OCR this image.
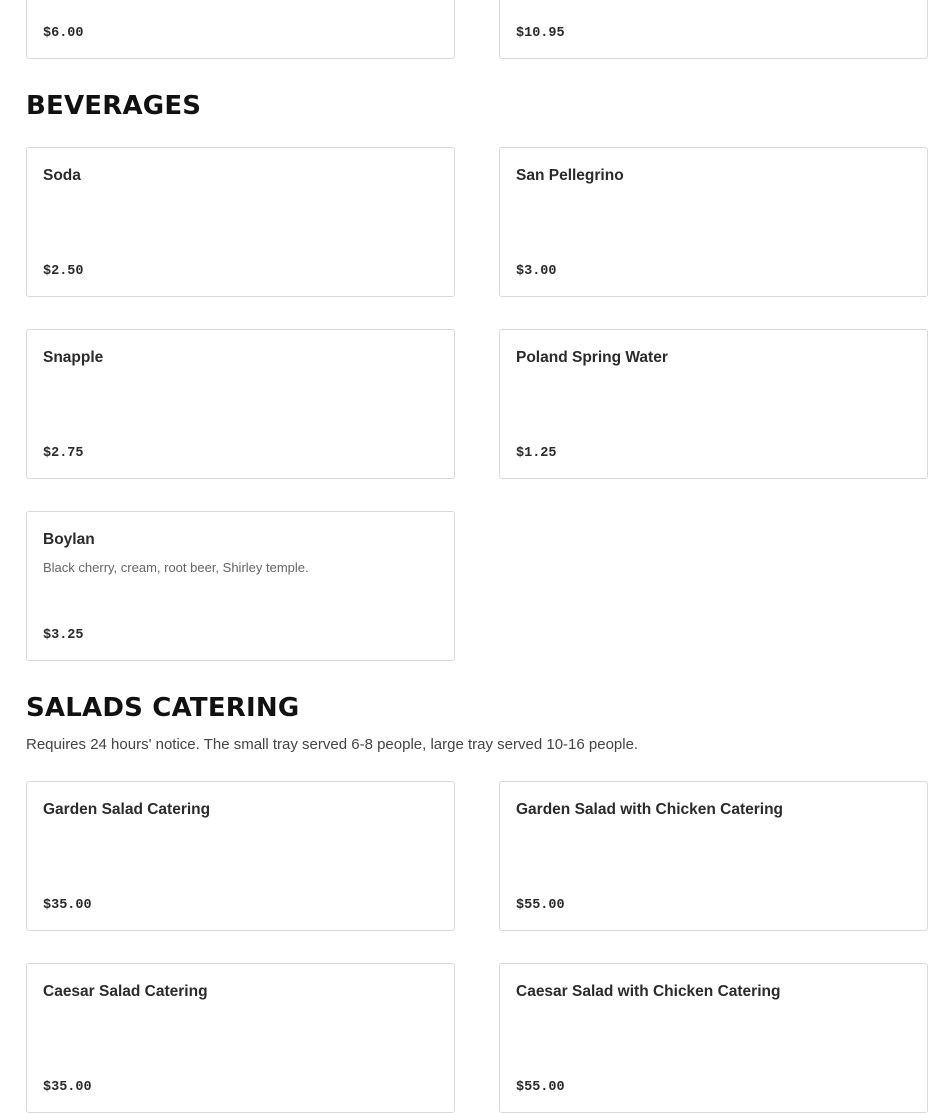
$6.00	$10.95
BEVERAGES
Soda
$2.50
San Pellegrino
$3.00
Snapple
$2.75
Poland Spring Water
$1.25
Boylan
Black cherry, cream, root beer, Shirley temple.
$3.25
SALADS CATERING

Requires 24 hours' notice. The small tray served 6-8 people, large tray served 10-16 people.

Garden Salad Catering
$35.00
Garden Salad with Chicken Catering
$55.00
Caesar Salad Catering
$35.00
Caesar Salad with Chicken Catering
$55.00
